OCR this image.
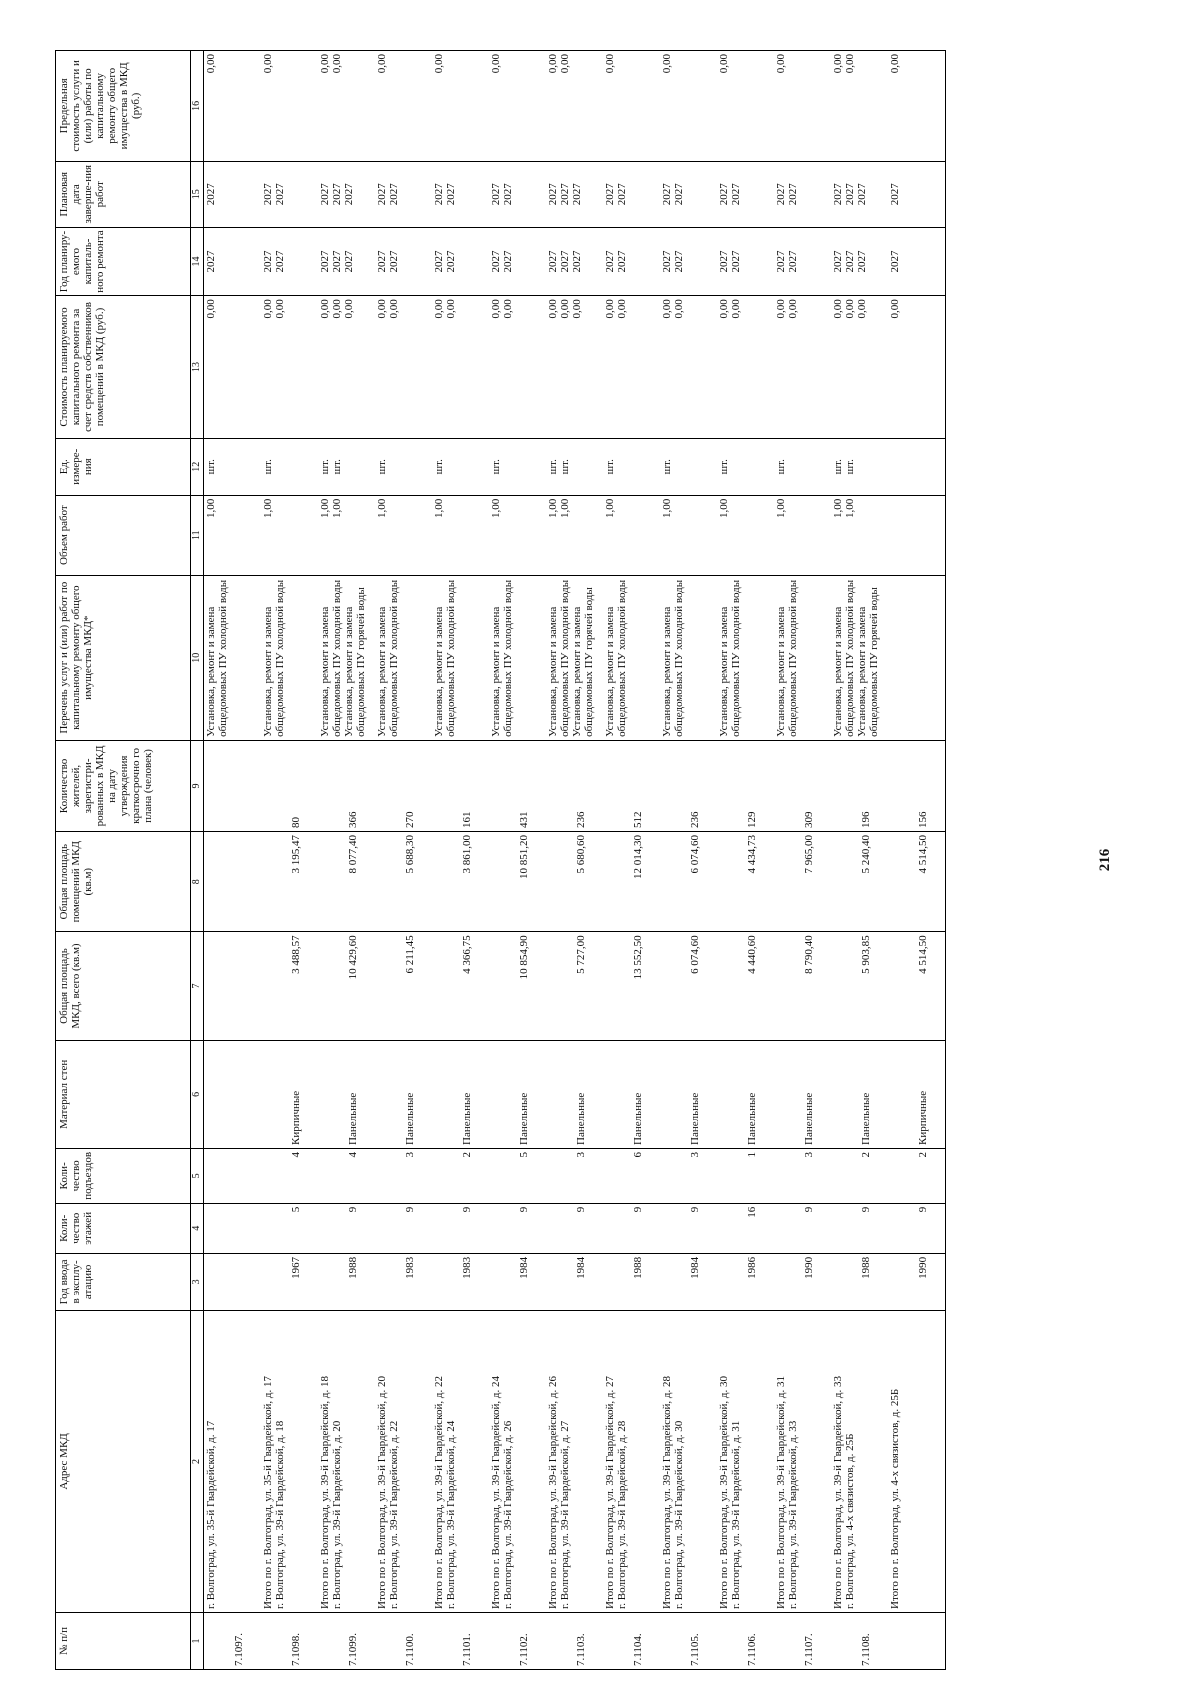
216
№ п/п	Адрес МКД	Год ввода в эксплу-атацию	Коли-чество этажей	Коли-чество подъездов	Материал стен	Общая площадь МКД, всего (кв.м)	Общая площадь помещений МКД (кв.м)	Количество жителей, зарегистри-рованных в МКД на дату утверждения краткосрочно го плана (человек)	Перечень услуг и (или) работ по капитальному ремонту общего имущества МКД*	Объем работ	Ед. измере-ния	Стоимость планируемого капитального ремонта за счет средств собственников помещений в МКД (руб.)	Год планиру-емого капиталь-ного ремонта	Плановая дата заверше-ния работ	Предельная стоимость услуги и (или) работы по капитальному ремонту общего имущества в МКД (руб.)
1	2	3	4	5	6	7	8	9	10	11	12	13	14	15	16

7.1097.	г. Волгоград, ул. 35-й Гвардейской, д. 17								Установка, ремонт и замена общедомовых ПУ холодной воды	1,00	шт.	0,00	2027	2027	0,00

7.1098.	Итого по г. Волгоград, ул. 35-й Гвардейской, д. 17 г. Волгоград, ул. 39-й Гвардейской, д. 18	1967	5	4	Кирпичные	3 488,57	3 195,47	80	Установка, ремонт и замена общедомовых ПУ холодной воды	1,00	шт.	0,00 0,00	2027 2027	2027 2027	0,00

7.1099.	Итого по г. Волгоград, ул. 39-й Гвардейской, д. 18 г. Волгоград, ул. 39-й Гвардейской, д. 20	1988	9	4	Панельные	10 429,60	8 077,40	366	Установка, ремонт и замена общедомовых ПУ холодной воды Установка, ремонт и замена общедомовых ПУ горячей воды	1,00 1,00	шт. шт.	0,00 0,00 0,00	2027 2027 2027	2027 2027 2027	0,00 0,00

7.1100.	Итого по г. Волгоград, ул. 39-й Гвардейской, д. 20 г. Волгоград, ул. 39-й Гвардейской, д. 22	1983	9	3	Панельные	6 211,45	5 688,30	270	Установка, ремонт и замена общедомовых ПУ холодной воды	1,00	шт.	0,00 0,00	2027 2027	2027 2027	0,00

7.1101.	Итого по г. Волгоград, ул. 39-й Гвардейской, д. 22 г. Волгоград, ул. 39-й Гвардейской, д. 24	1983	9	2	Панельные	4 366,75	3 861,00	161	Установка, ремонт и замена общедомовых ПУ холодной воды	1,00	шт.	0,00 0,00	2027 2027	2027 2027	0,00

7.1102.	Итого по г. Волгоград, ул. 39-й Гвардейской, д. 24 г. Волгоград, ул. 39-й Гвардейской, д. 26	1984	9	5	Панельные	10 854,90	10 851,20	431	Установка, ремонт и замена общедомовых ПУ холодной воды	1,00	шт.	0,00 0,00	2027 2027	2027 2027	0,00

7.1103.	Итого по г. Волгоград, ул. 39-й Гвардейской, д. 26 г. Волгоград, ул. 39-й Гвардейской, д. 27	1984	9	3	Панельные	5 727,00	5 680,60	236	Установка, ремонт и замена общедомовых ПУ холодной воды Установка, ремонт и замена общедомовых ПУ горячей воды	1,00 1,00	шт. шт.	0,00 0,00 0,00	2027 2027 2027	2027 2027 2027	0,00 0,00

7.1104.	Итого по г. Волгоград, ул. 39-й Гвардейской, д. 27 г. Волгоград, ул. 39-й Гвардейской, д. 28	1988	9	6	Панельные	13 552,50	12 014,30	512	Установка, ремонт и замена общедомовых ПУ холодной воды	1,00	шт.	0,00 0,00	2027 2027	2027 2027	0,00

7.1105.	Итого по г. Волгоград, ул. 39-й Гвардейской, д. 28 г. Волгоград, ул. 39-й Гвардейской, д. 30	1984	9	3	Панельные	6 074,60	6 074,60	236	Установка, ремонт и замена общедомовых ПУ холодной воды	1,00	шт.	0,00 0,00	2027 2027	2027 2027	0,00

7.1106.	Итого по г. Волгоград, ул. 39-й Гвардейской, д. 30 г. Волгоград, ул. 39-й Гвардейской, д. 31	1986	16	1	Панельные	4 440,60	4 434,73	129	Установка, ремонт и замена общедомовых ПУ холодной воды	1,00	шт.	0,00 0,00	2027 2027	2027 2027	0,00

7.1107.	Итого по г. Волгоград, ул. 39-й Гвардейской, д. 31 г. Волгоград, ул. 39-й Гвардейской, д. 33	1990	9	3	Панельные	8 790,40	7 965,00	309	Установка, ремонт и замена общедомовых ПУ холодной воды	1,00	шт.	0,00 0,00	2027 2027	2027 2027	0,00

7.1108.	Итого по г. Волгоград, ул. 39-й Гвардейской, д. 33 г. Волгоград, ул. 4-х связистов, д. 25Б	1988	9	2	Панельные	5 903,85	5 240,40	196	Установка, ремонт и замена общедомовых ПУ холодной воды Установка, ремонт и замена общедомовых ПУ горячей воды	1,00 1,00	шт. шт.	0,00 0,00 0,00	2027 2027 2027	2027 2027 2027	0,00 0,00

	Итого по г. Волгоград, ул. 4-х связистов, д. 25Б	1990	9	2	Кирпичные	4 514,50	4 514,50	156				0,00	2027	2027	0,00
